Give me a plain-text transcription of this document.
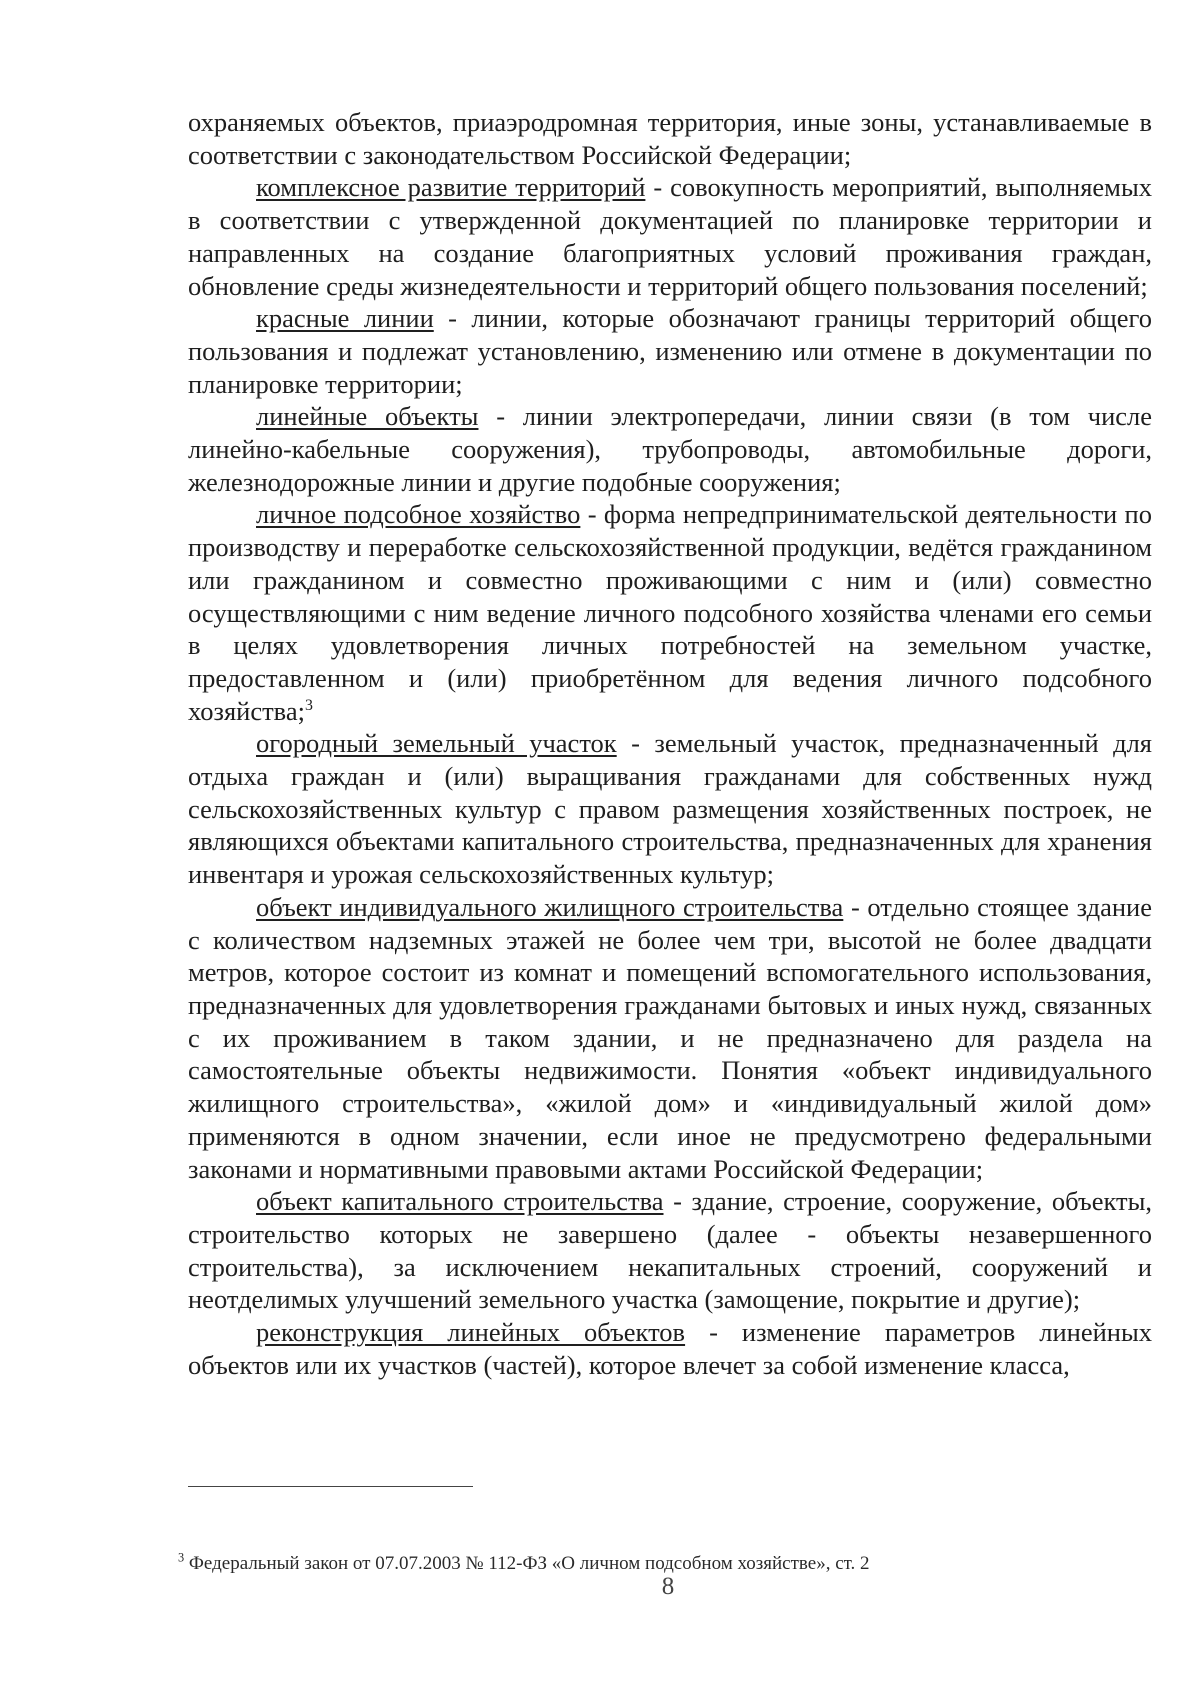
охраняемых объектов, приаэродромная территория, иные зоны, устанавливаемые в соответствии с законодательством Российской Федерации;

комплексное развитие территорий - совокупность мероприятий, выполняемых в соответствии с утвержденной документацией по планировке территории и направленных на создание благоприятных условий проживания граждан, обновление среды жизнедеятельности и территорий общего пользования поселений;

красные линии - линии, которые обозначают границы территорий общего пользования и подлежат установлению, изменению или отмене в документации по планировке территории;

линейные объекты - линии электропередачи, линии связи (в том числе линейно-кабельные сооружения), трубопроводы, автомобильные дороги, железнодорожные линии и другие подобные сооружения;

личное подсобное хозяйство - форма непредпринимательской деятельности по производству и переработке сельскохозяйственной продукции, ведётся гражданином или гражданином и совместно проживающими с ним и (или) совместно осуществляющими с ним ведение личного подсобного хозяйства членами его семьи в целях удовлетворения личных потребностей на земельном участке, предоставленном и (или) приобретённом для ведения личного подсобного хозяйства;$^3$

огородный земельный участок - земельный участок, предназначенный для отдыха граждан и (или) выращивания гражданами для собственных нужд сельскохозяйственных культур с правом размещения хозяйственных построек, не являющихся объектами капитального строительства, предназначенных для хранения инвентаря и урожая сельскохозяйственных культур;

объект индивидуального жилищного строительства - отдельно стоящее здание с количеством надземных этажей не более чем три, высотой не более двадцати метров, которое состоит из комнат и помещений вспомогательного использования, предназначенных для удовлетворения гражданами бытовых и иных нужд, связанных с их проживанием в таком здании, и не предназначено для раздела на самостоятельные объекты недвижимости. Понятия «объект индивидуального жилищного строительства», «жилой дом» и «индивидуальный жилой дом» применяются в одном значении, если иное не предусмотрено федеральными законами и нормативными правовыми актами Российской Федерации;

объект капитального строительства - здание, строение, сооружение, объекты, строительство которых не завершено (далее - объекты незавершенного строительства), за исключением некапитальных строений, сооружений и неотделимых улучшений земельного участка (замощение, покрытие и другие);

реконструкция линейных объектов - изменение параметров линейных объектов или их участков (частей), которое влечет за собой изменение класса,

$^3$ Федеральный закон от 07.07.2003 № 112-ФЗ «О личном подсобном хозяйстве», ст. 2
8
